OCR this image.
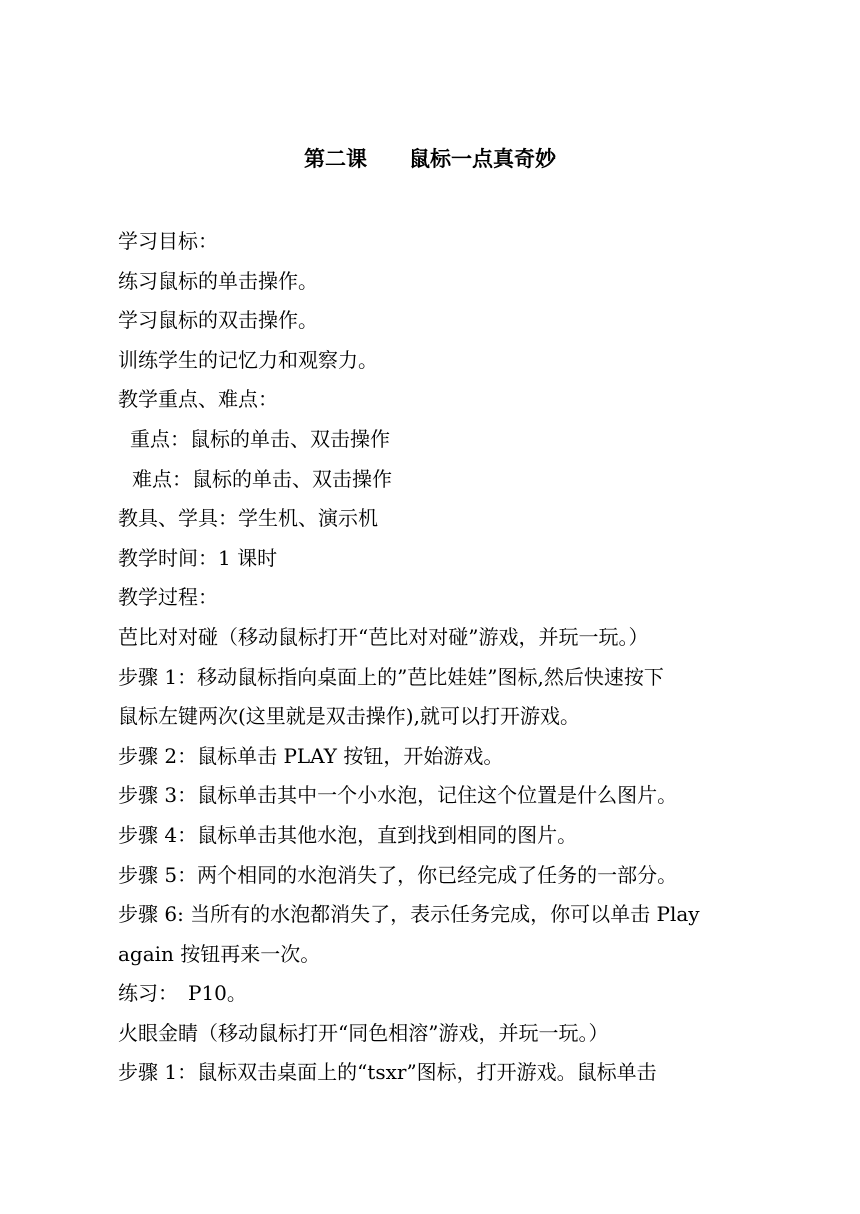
第二课　　鼠标一点真奇妙
学习目标：
练习鼠标的单击操作。
学习鼠标的双击操作。
训练学生的记忆力和观察力。
教学重点、难点：
重点：鼠标的单击、双击操作
难点：鼠标的单击、双击操作
教具、学具：学生机、演示机
教学时间：1 课时
教学过程：
芭比对对碰（移动鼠标打开“芭比对对碰”游戏，并玩一玩。）
步骤 1：移动鼠标指向桌面上的”芭比娃娃”图标,然后快速按下
鼠标左键两次(这里就是双击操作),就可以打开游戏。
步骤 2：鼠标单击 PLAY 按钮，开始游戏。
步骤 3：鼠标单击其中一个小水泡，记住这个位置是什么图片。
步骤 4：鼠标单击其他水泡，直到找到相同的图片。
步骤 5：两个相同的水泡消失了，你已经完成了任务的一部分。
步骤 6: 当所有的水泡都消失了，表示任务完成，你可以单击 Play
again 按钮再来一次。
练习：　P10。
火眼金睛（移动鼠标打开“同色相溶”游戏，并玩一玩。）
步骤 1：鼠标双击桌面上的“tsxr”图标，打开游戏。鼠标单击
